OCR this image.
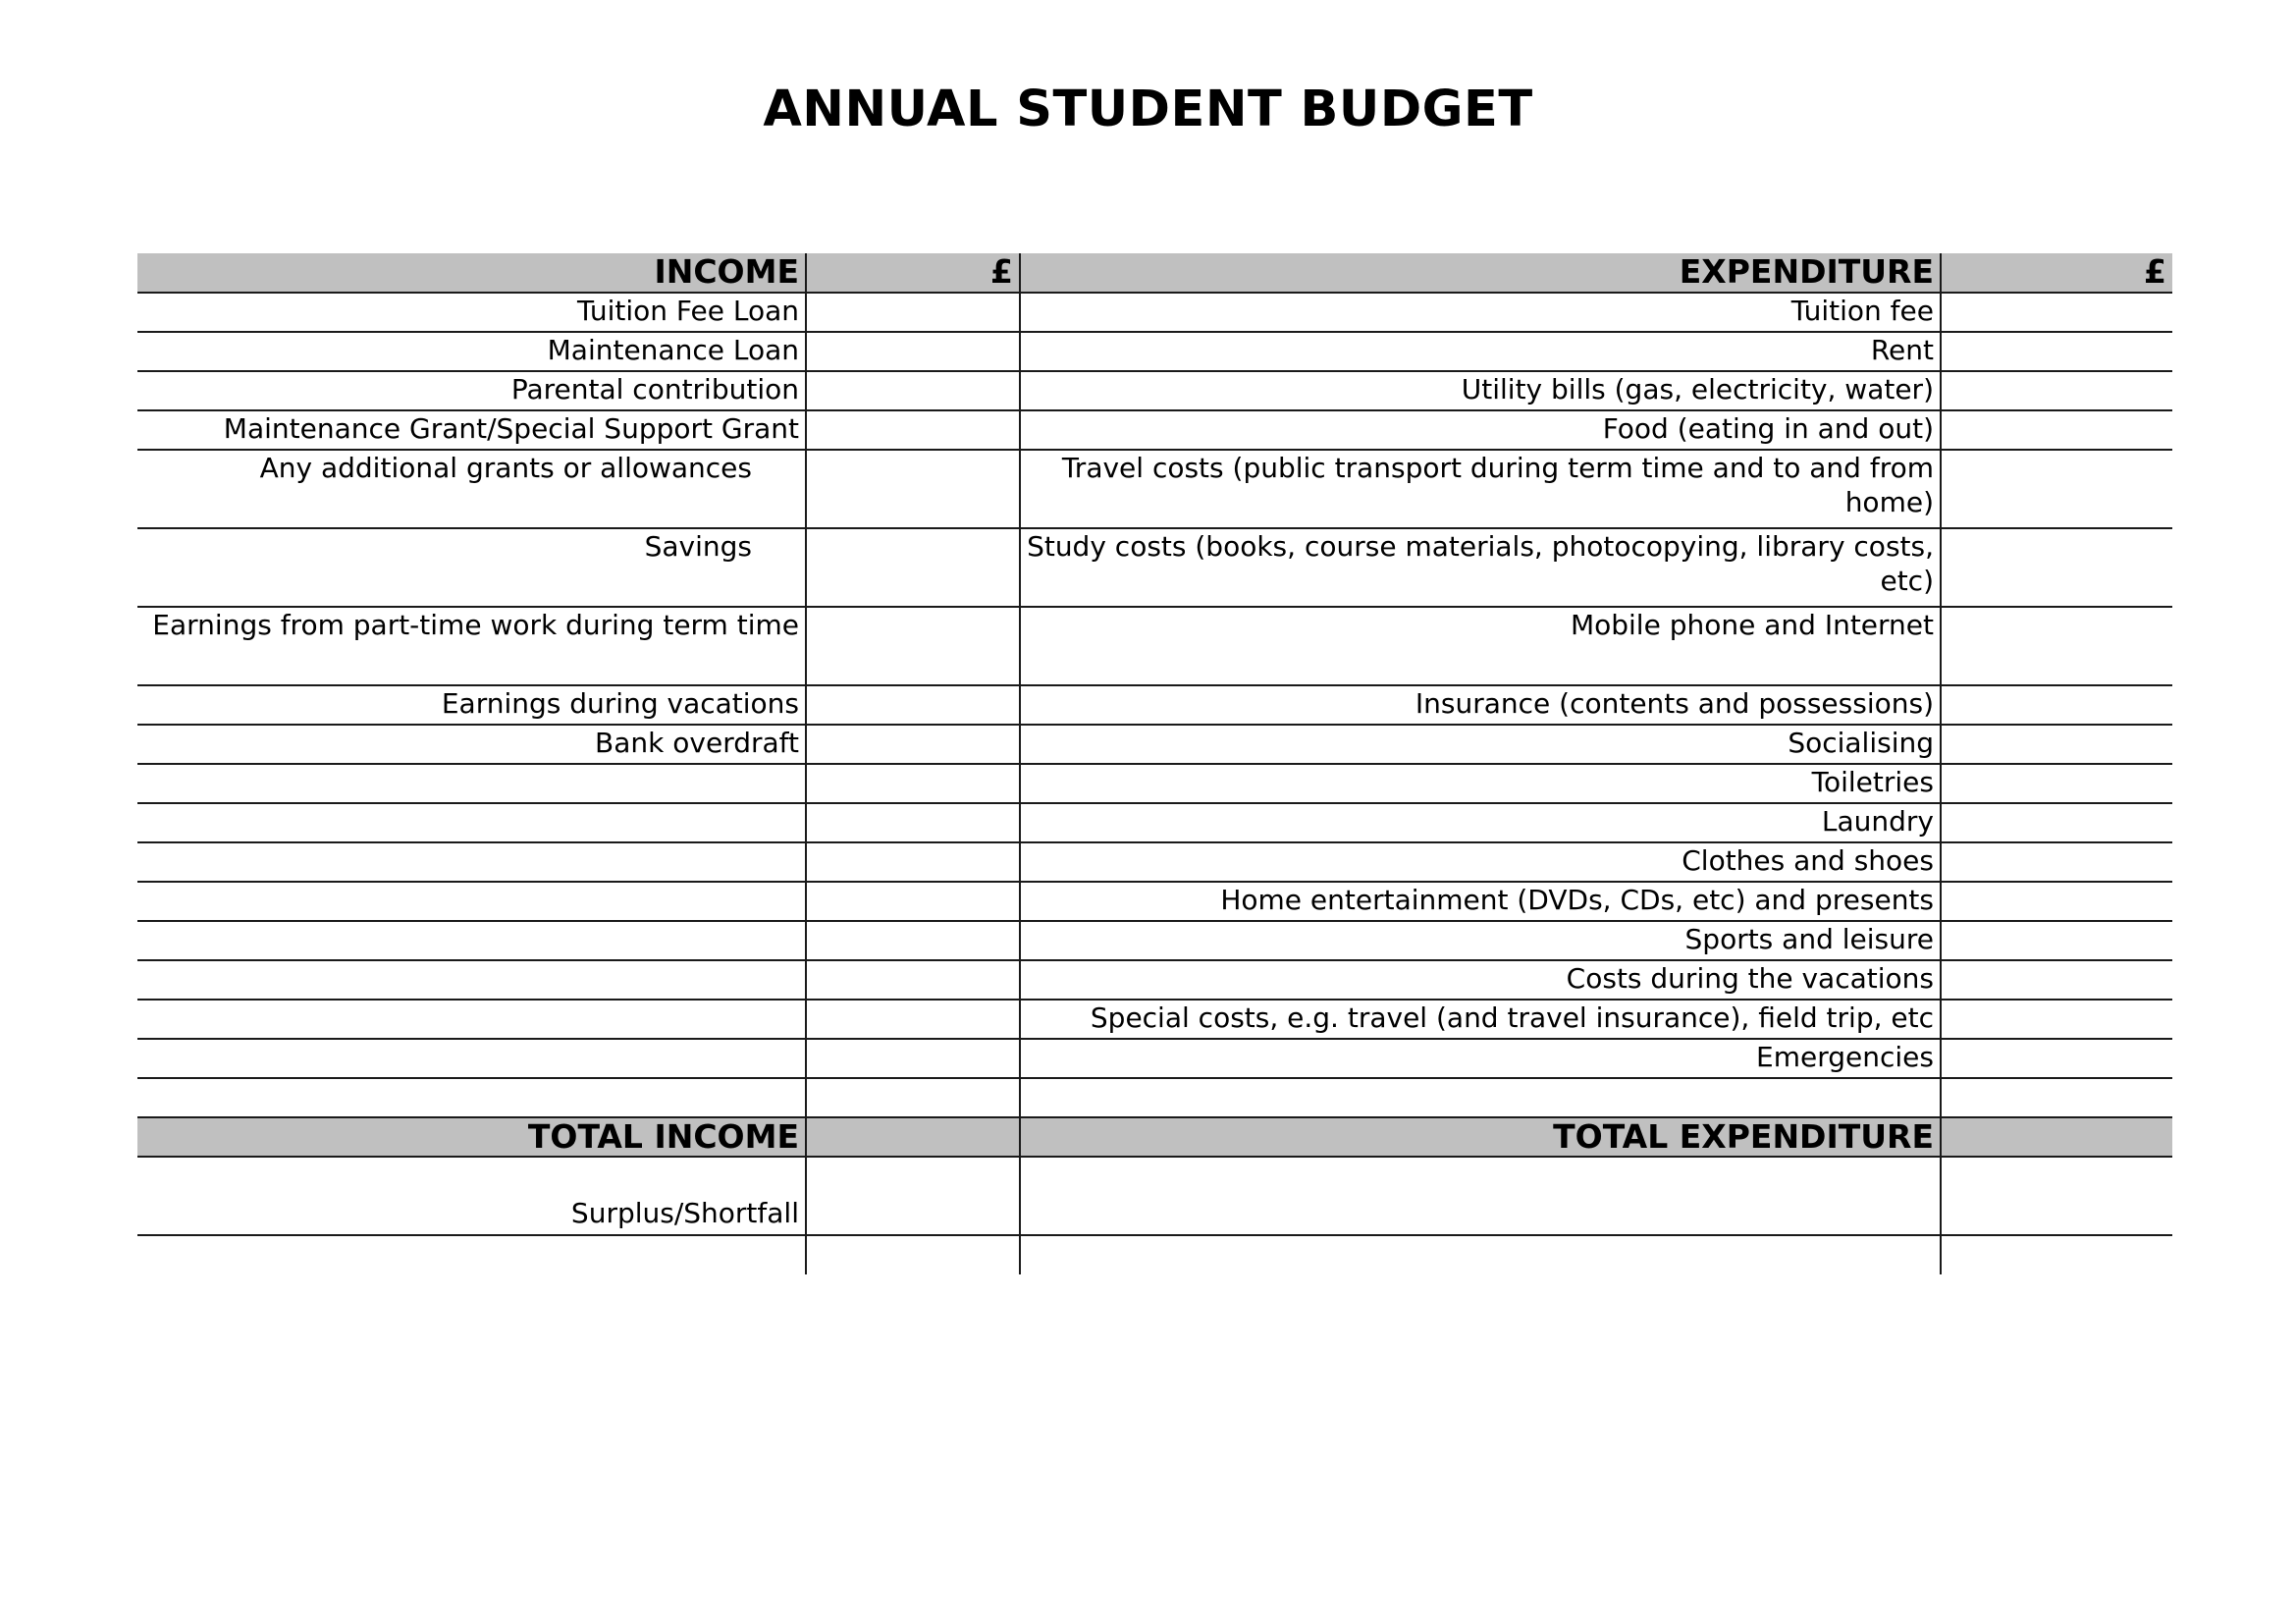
ANNUAL STUDENT BUDGET
INCOME	£	EXPENDITURE	£
Tuition Fee Loan		Tuition fee	
Maintenance Loan		Rent	
Parental contribution		Utility bills (gas, electricity, water)	
Maintenance Grant/Special Support Grant		Food (eating in and out)	
Any additional grants or allowances		Travel costs (public transport during term time and to and from home)	
Savings		Study costs (books, course materials, photocopying, library costs, etc)	
Earnings from part-time work during term time		Mobile phone and Internet	
Earnings during vacations		Insurance (contents and possessions)	
Bank overdraft		Socialising	
		Toiletries	
		Laundry	
		Clothes and shoes	
		Home entertainment (DVDs, CDs, etc) and presents	
		Sports and leisure	
		Costs during the vacations	
		Special costs, e.g. travel (and travel insurance), field trip, etc	
		Emergencies	

TOTAL INCOME		TOTAL EXPENDITURE	
Surplus/Shortfall			
